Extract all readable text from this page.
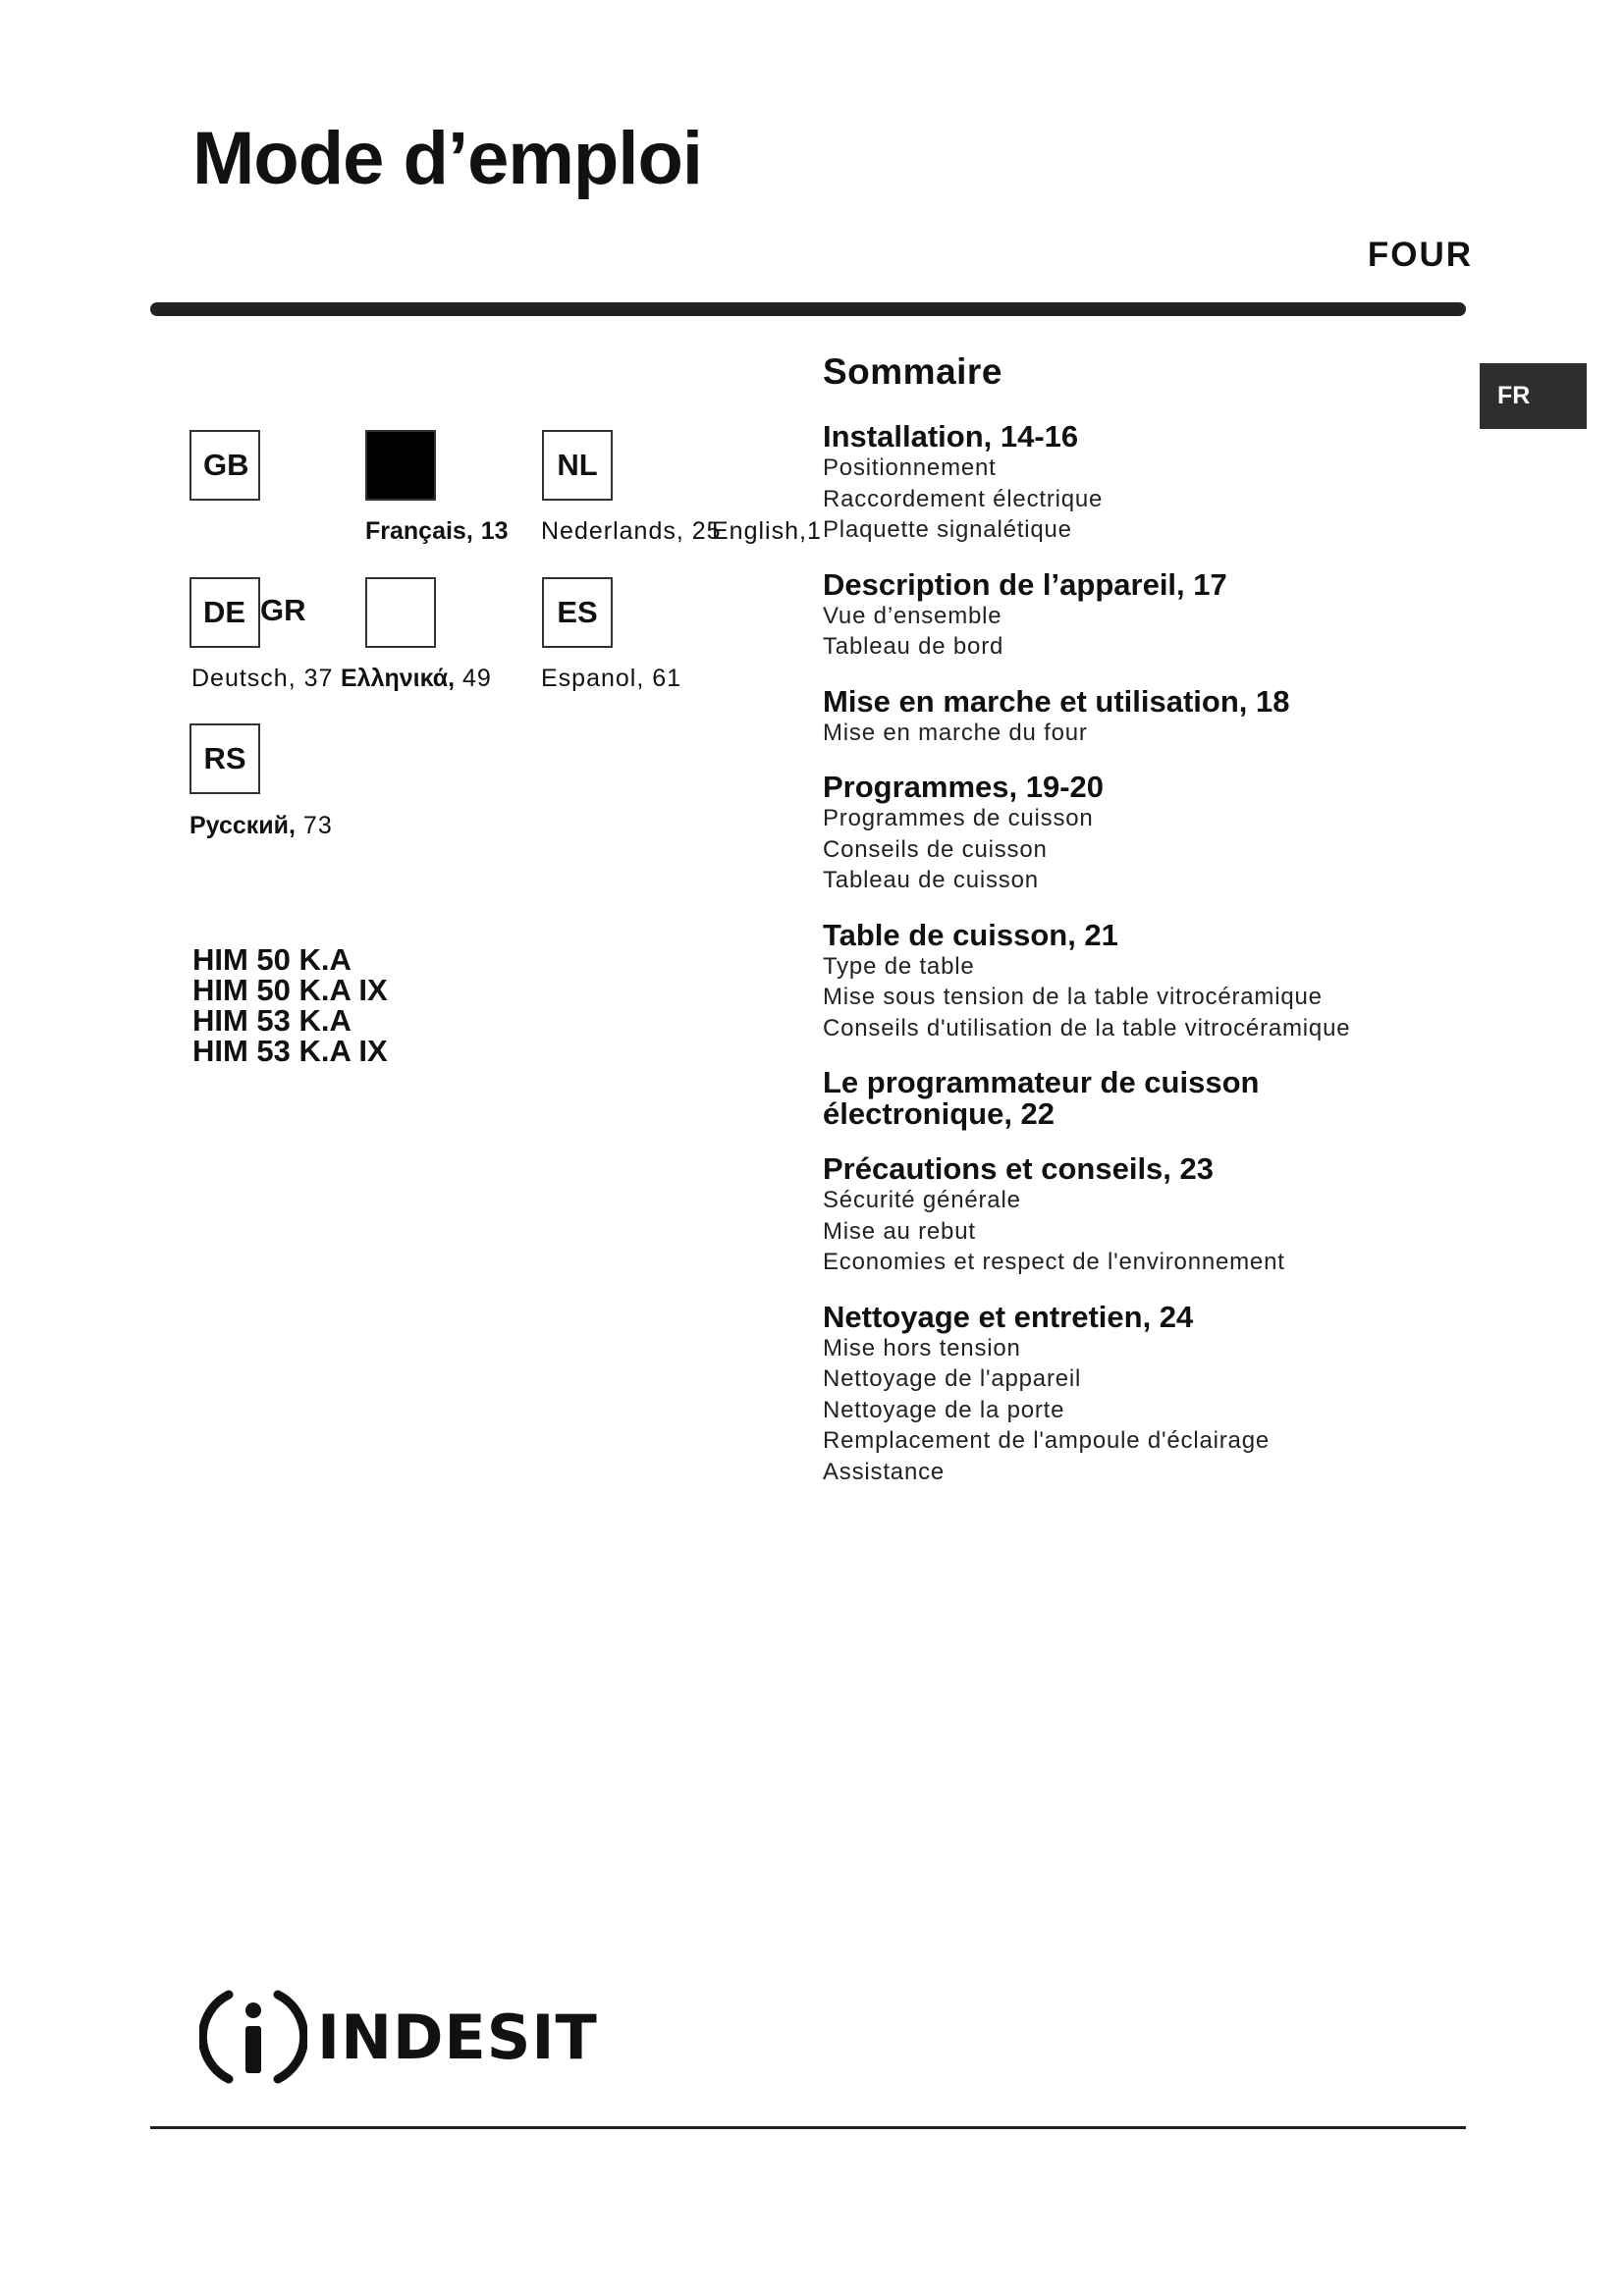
Mode d’emploi
FOUR
FR
GB	NL
Français, 13 Nederlands, 25
English,1
DE GR	ES
Deutsch, 37 Ελληνικά, 49 Espanol, 61
RS
Русский, 73
HIM 50 K.A
HIM 50 K.A IX
HIM 53 K.A
HIM 53 K.A IX
Sommaire
Installation, 14-16
Positionnement
Raccordement électrique
Plaquette signalétique
Description de l’appareil, 17
Vue d’ensemble
Tableau de bord
Mise en marche et utilisation, 18
Mise en marche du four
Programmes, 19-20
Programmes de cuisson
Conseils de cuisson
Tableau de cuisson
Table de cuisson, 21
Type de table
Mise sous tension de la table vitrocéramique
Conseils d'utilisation de la table vitrocéramique
Le programmateur de cuisson électronique, 22
Précautions et conseils, 23
Sécurité générale
Mise au rebut
Economies et respect de l'environnement
Nettoyage et entretien, 24
Mise hors tension
Nettoyage de l'appareil
Nettoyage de la porte
Remplacement de l'ampoule d'éclairage
Assistance
INDESIT
